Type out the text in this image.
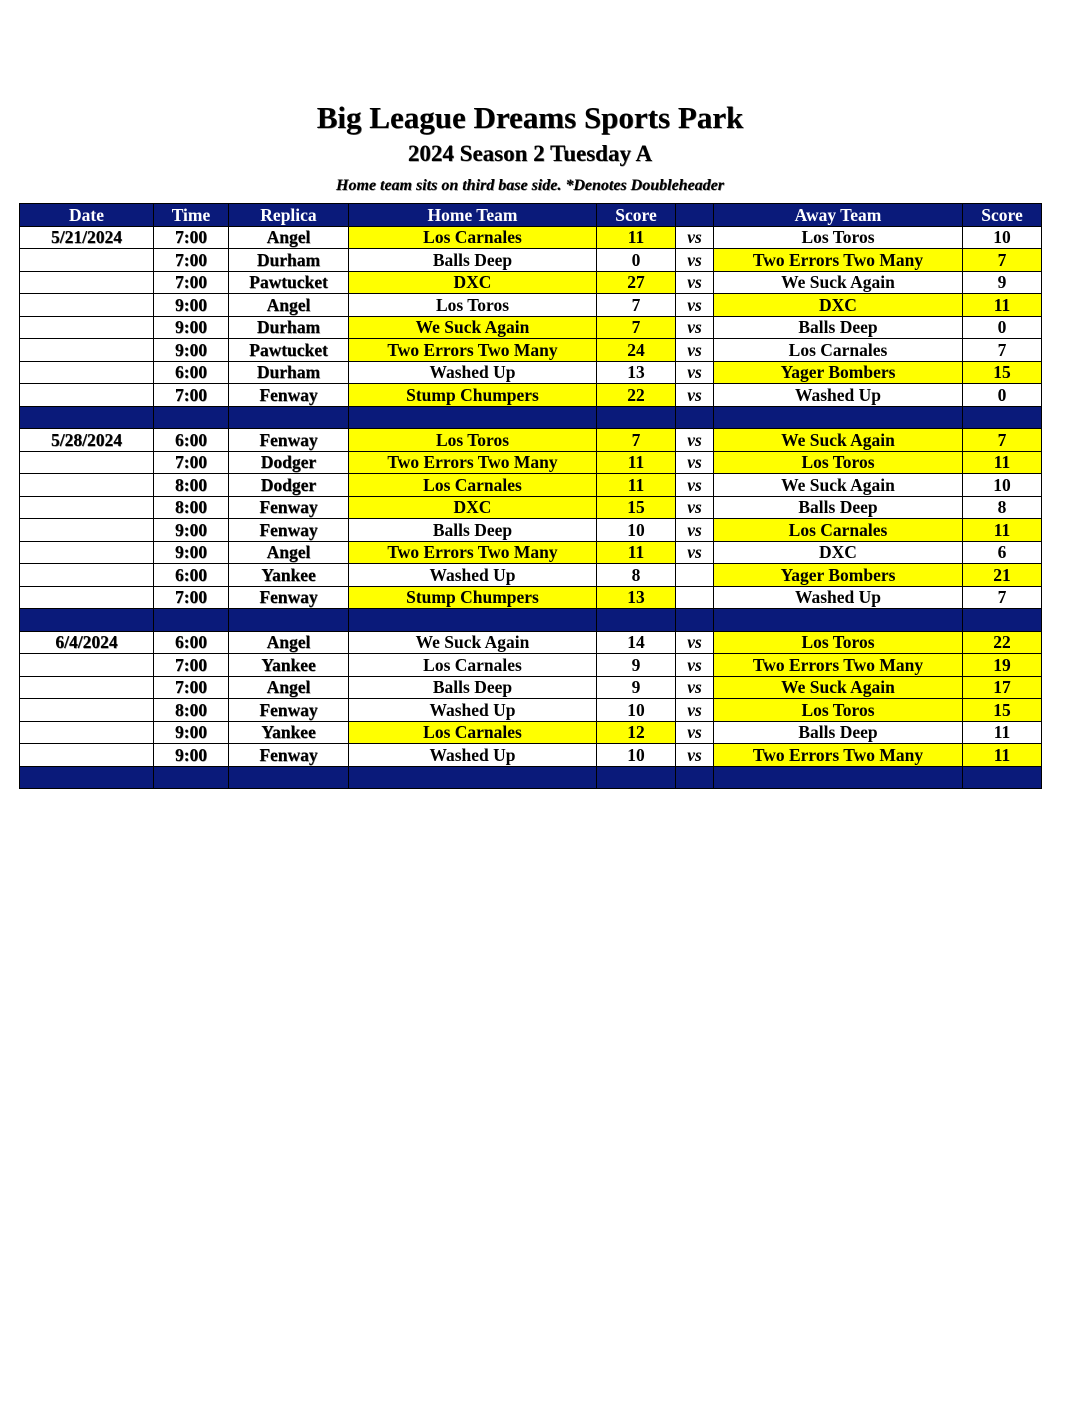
Big League Dreams Sports Park
2024 Season 2 Tuesday A
Home team sits on third base side. *Denotes Doubleheader
Date	Time	Replica	Home Team	Score		Away Team	Score
5/21/2024	7:00	Angel	Los Carnales	11	vs	Los Toros	10
	7:00	Durham	Balls Deep	0	vs	Two Errors Two Many	7
	7:00	Pawtucket	DXC	27	vs	We Suck Again	9
	9:00	Angel	Los Toros	7	vs	DXC	11
	9:00	Durham	We Suck Again	7	vs	Balls Deep	0
	9:00	Pawtucket	Two Errors Two Many	24	vs	Los Carnales	7
	6:00	Durham	Washed Up	13	vs	Yager Bombers	15
	7:00	Fenway	Stump Chumpers	22	vs	Washed Up	0

5/28/2024	6:00	Fenway	Los Toros	7	vs	We Suck Again	7
	7:00	Dodger	Two Errors Two Many	11	vs	Los Toros	11
	8:00	Dodger	Los Carnales	11	vs	We Suck Again	10
	8:00	Fenway	DXC	15	vs	Balls Deep	8
	9:00	Fenway	Balls Deep	10	vs	Los Carnales	11
	9:00	Angel	Two Errors Two Many	11	vs	DXC	6
	6:00	Yankee	Washed Up	8		Yager Bombers	21
	7:00	Fenway	Stump Chumpers	13		Washed Up	7

6/4/2024	6:00	Angel	We Suck Again	14	vs	Los Toros	22
	7:00	Yankee	Los Carnales	9	vs	Two Errors Two Many	19
	7:00	Angel	Balls Deep	9	vs	We Suck Again	17
	8:00	Fenway	Washed Up	10	vs	Los Toros	15
	9:00	Yankee	Los Carnales	12	vs	Balls Deep	11
	9:00	Fenway	Washed Up	10	vs	Two Errors Two Many	11
